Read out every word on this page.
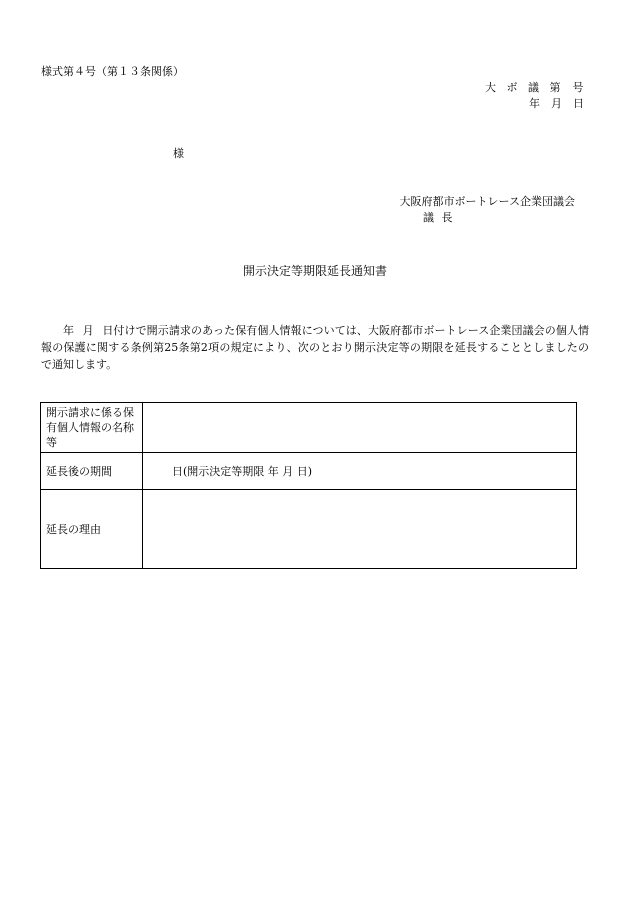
様式第４号（第１３条関係）
大 ボ 議 第　号
年　月　日
様
大阪府都市ボートレース企業団議会
議 長
開示決定等期限延長通知書
年 月 日付けで開示請求のあった保有個人情報については、大阪府都市ボートレース企業団議会の個人情報の保護に関する条例第25条第2項の規定により、次のとおり開示決定等の期限を延長することとしましたので通知します。
開示請求に係る保有個人情報の名称等	
延長後の期間	日(開示決定等期限 年 月 日)
延長の理由	
